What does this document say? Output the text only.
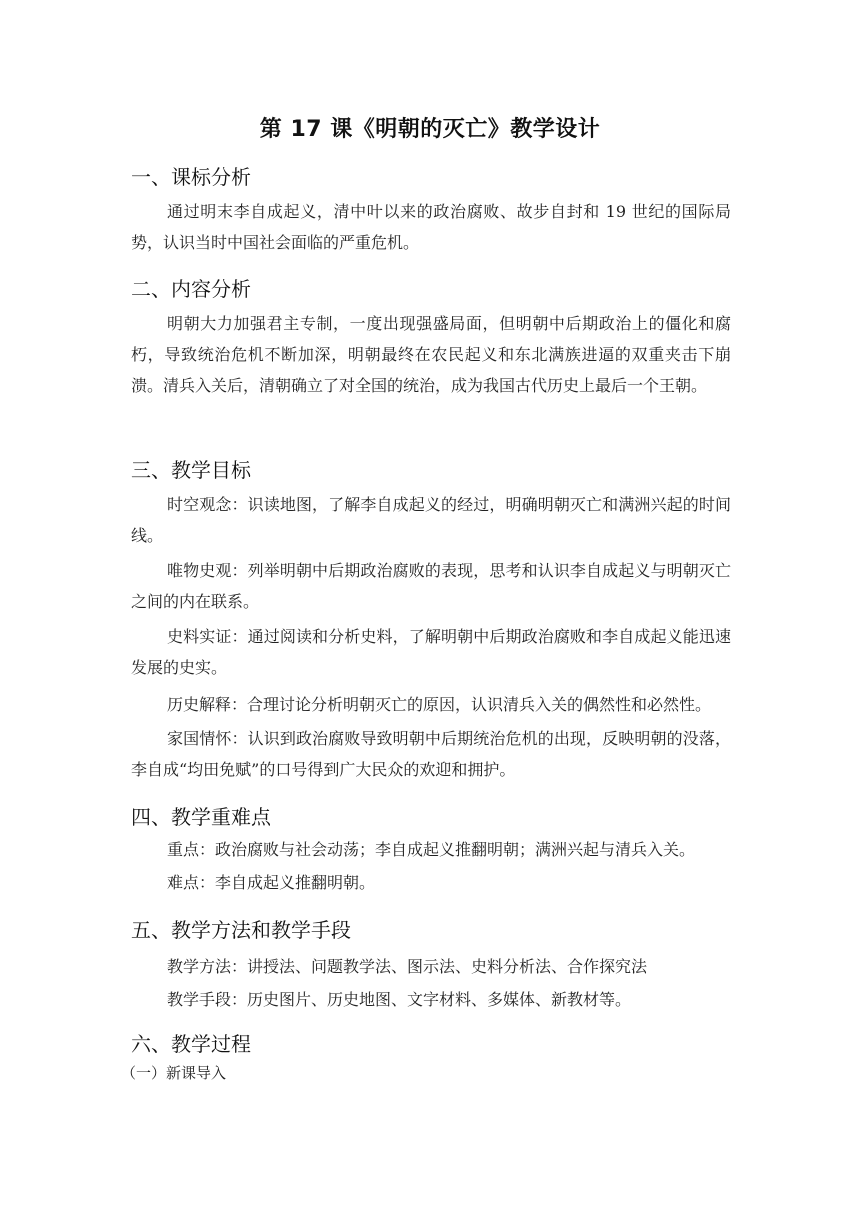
第 17 课《明朝的灭亡》教学设计
一、课标分析
通过明末李自成起义，清中叶以来的政治腐败、故步自封和 19 世纪的国际局势，认识当时中国社会面临的严重危机。
二、内容分析
明朝大力加强君主专制，一度出现强盛局面，但明朝中后期政治上的僵化和腐朽，导致统治危机不断加深，明朝最终在农民起义和东北满族进逼的双重夹击下崩溃。清兵入关后，清朝确立了对全国的统治，成为我国古代历史上最后一个王朝。
三、教学目标
时空观念：识读地图，了解李自成起义的经过，明确明朝灭亡和满洲兴起的时间线。
唯物史观：列举明朝中后期政治腐败的表现，思考和认识李自成起义与明朝灭亡之间的内在联系。
史料实证：通过阅读和分析史料，了解明朝中后期政治腐败和李自成起义能迅速发展的史实。
历史解释：合理讨论分析明朝灭亡的原因，认识清兵入关的偶然性和必然性。
家国情怀：认识到政治腐败导致明朝中后期统治危机的出现，反映明朝的没落，李自成“均田免赋”的口号得到广大民众的欢迎和拥护。
四、教学重难点
重点：政治腐败与社会动荡；李自成起义推翻明朝；满洲兴起与清兵入关。
难点：李自成起义推翻明朝。
五、教学方法和教学手段
教学方法：讲授法、问题教学法、图示法、史料分析法、合作探究法
教学手段：历史图片、历史地图、文字材料、多媒体、新教材等。
六、教学过程
（一）新课导入
